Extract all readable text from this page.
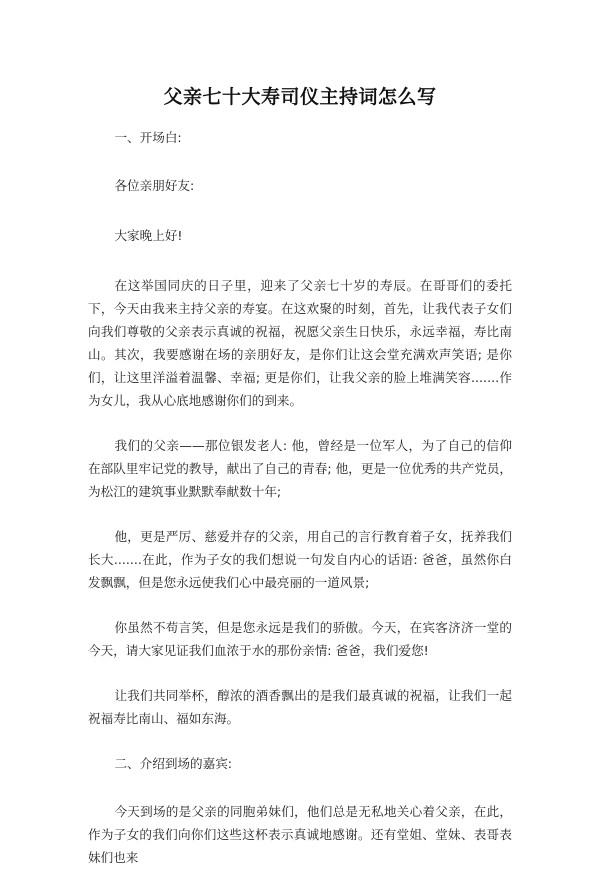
父亲七十大寿司仪主持词怎么写

一、开场白:

各位亲朋好友:

大家晚上好!

在这举国同庆的日子里，迎来了父亲七十岁的寿辰。在哥哥们的委托下，今天由我来主持父亲的寿宴。在这欢聚的时刻，首先，让我代表子女们向我们尊敬的父亲表示真诚的祝福，祝愿父亲生日快乐，永远幸福，寿比南山。其次，我要感谢在场的亲朋好友，是你们让这会堂充满欢声笑语; 是你们，让这里洋溢着温馨、幸福; 更是你们，让我父亲的脸上堆满笑容.......作为女儿，我从心底地感谢你们的到来。

我们的父亲——那位银发老人: 他，曾经是一位军人，为了自己的信仰在部队里牢记党的教导，献出了自己的青春; 他，更是一位优秀的共产党员，为松江的建筑事业默默奉献数十年;

他，更是严厉、慈爱并存的父亲，用自己的言行教育着子女，抚养我们长大.......在此，作为子女的我们想说一句发自内心的话语: 爸爸，虽然你白发飘飘，但是您永远使我们心中最亮丽的一道风景;

你虽然不苟言笑，但是您永远是我们的骄傲。今天，在宾客济济一堂的今天，请大家见证我们血浓于水的那份亲情: 爸爸，我们爱您!

让我们共同举杯，醇浓的酒香飘出的是我们最真诚的祝福，让我们一起祝福寿比南山、福如东海。

二、介绍到场的嘉宾:

今天到场的是父亲的同胞弟妹们，他们总是无私地关心着父亲，在此，作为子女的我们向你们这些这杯表示真诚地感谢。还有堂姐、堂妹、表哥表妹们也来
